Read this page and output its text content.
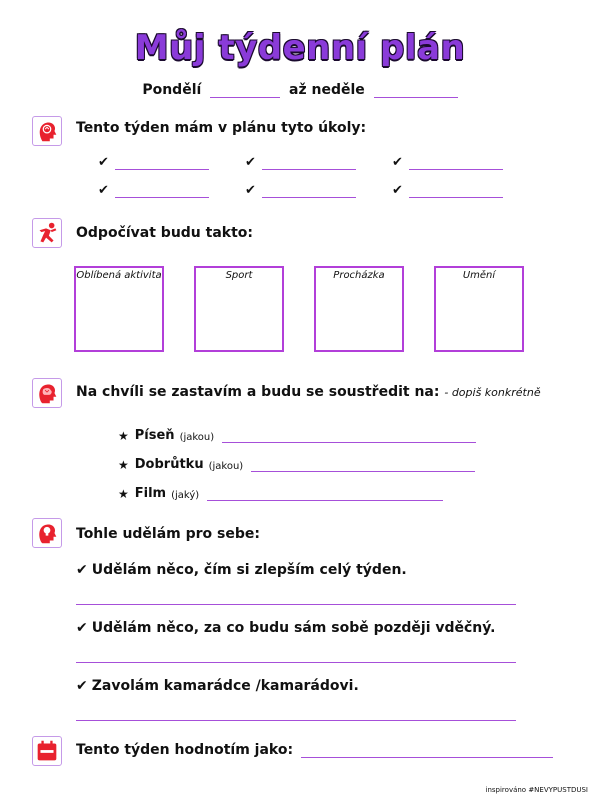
Můj týdenní plán
Pondělí	až neděle
Tento týden mám v plánu tyto úkoly:
✔	✔	✔
✔	✔	✔
Odpočívat budu takto:
Oblíbená aktivita	Sport	Procházka	Umění
Na chvíli se zastavím a budu se soustředit na: - dopiš konkrétně
★ Píseň (jakou)
★ Dobrůtku (jakou)
★ Film (jaký)
Tohle udělám pro sebe:
✔ Udělám něco, čím si zlepším celý týden.
✔ Udělám něco, za co budu sám sobě později vděčný.
✔ Zavolám kamarádce /kamarádovi.
Tento týden hodnotím jako:
inspirováno #NEVYPUSTDUSI
